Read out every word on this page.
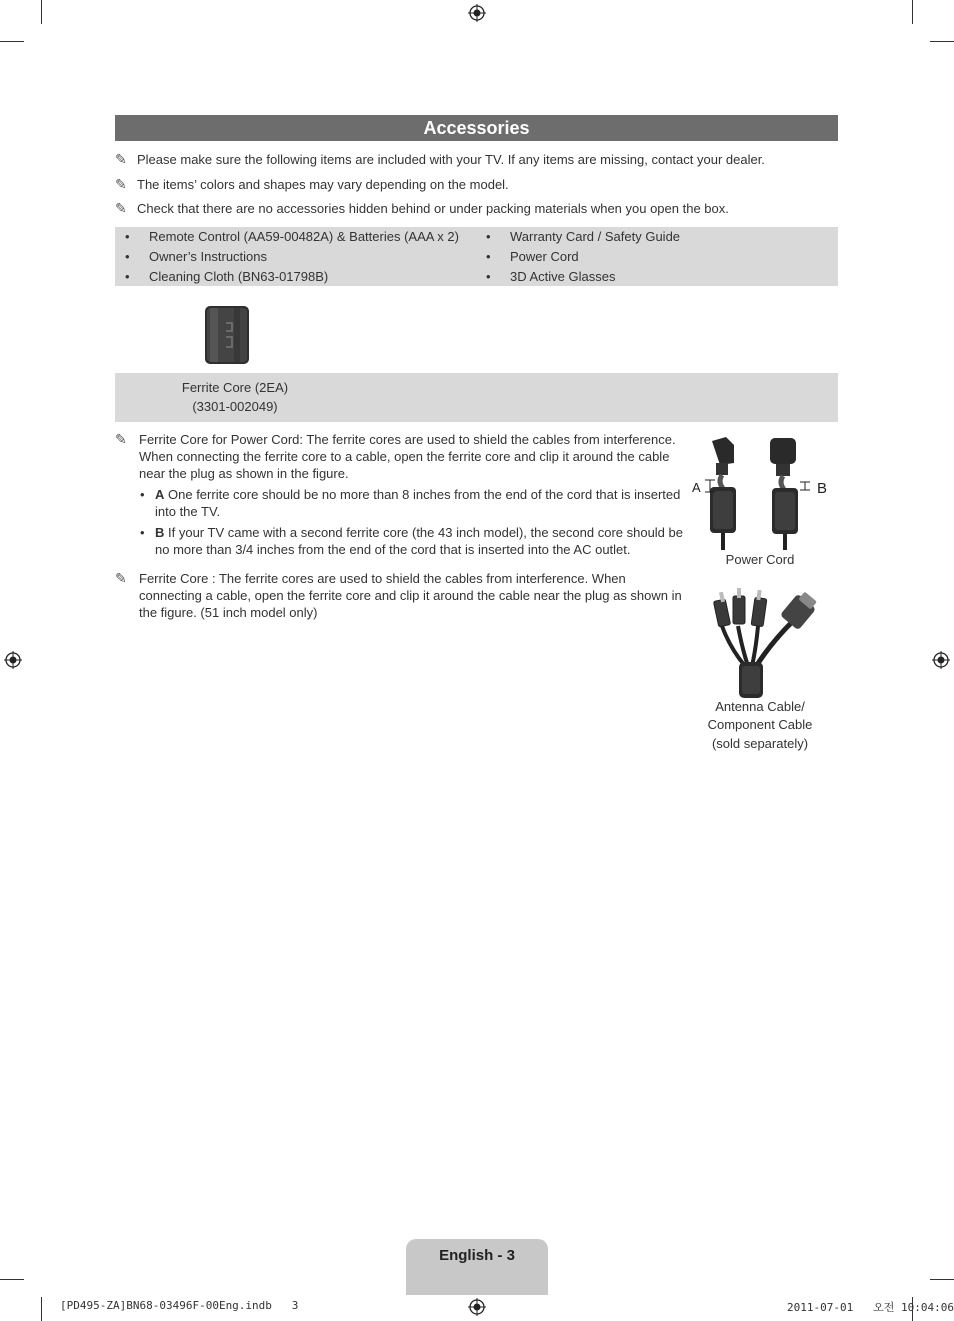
Accessories
✎ Please make sure the following items are included with your TV. If any items are missing, contact your dealer.
✎ The items’ colors and shapes may vary depending on the model.
✎ Check that there are no accessories hidden behind or under packing materials when you open the box.
• Remote Control (AA59-00482A) & Batteries (AAA x 2)
• Owner’s Instructions
• Cleaning Cloth (BN63-01798B)
• Warranty Card / Safety Guide
• Power Cord
• 3D Active Glasses
Ferrite Core (2EA)
(3301-002049)
✎ Ferrite Core for Power Cord: The ferrite cores are used to shield the cables from interference. When connecting the ferrite core to a cable, open the ferrite core and clip it around the cable near the plug as shown in the figure.
• A One ferrite core should be no more than 8 inches from the end of the cord that is inserted into the TV.
• B If your TV came with a second ferrite core (the 43 inch model), the second core should be no more than 3/4 inches from the end of the cord that is inserted into the AC outlet.
✎ Ferrite Core : The ferrite cores are used to shield the cables from interference. When connecting a cable, open the ferrite core and clip it around the cable near the plug as shown in the figure. (51 inch model only)
A	B
Power Cord
Antenna Cable/
Component Cable
(sold separately)
English - 3
[PD495-ZA]BN68-03496F-00Eng.indb   3	2011-07-01   오전 10:04:06
